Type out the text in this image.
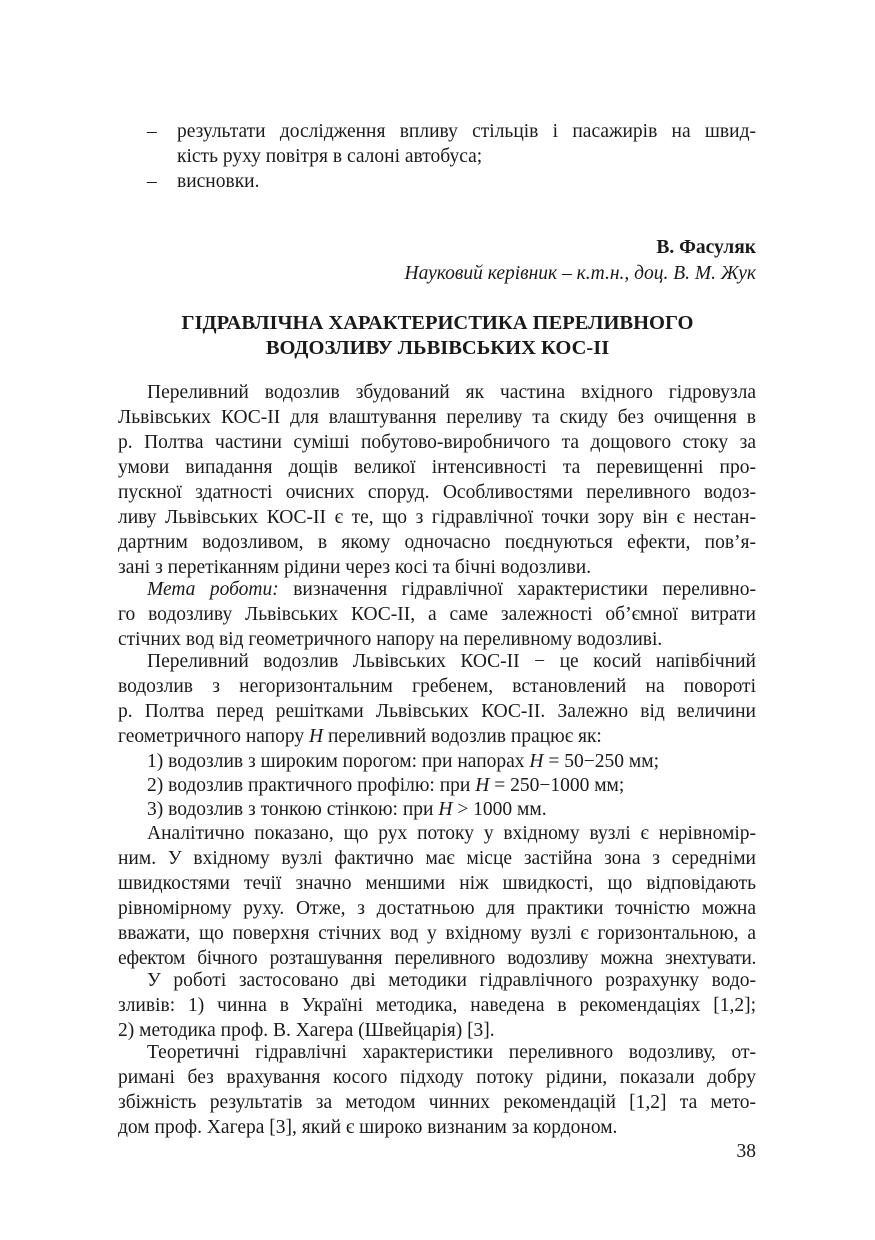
– результати дослідження впливу стільців і пасажирів на швид-
кість руху повітря в салоні автобуса;
– висновки.
В. Фасуляк
Науковий керівник – к.т.н., доц. В. М. Жук
ГІДРАВЛІЧНА ХАРАКТЕРИСТИКА ПЕРЕЛИВНОГО
ВОДОЗЛИВУ ЛЬВІВСЬКИХ КОС-ІІ
Переливний водозлив збудований як частина вхідного гідровузла
Львівських КОС-II для влаштування переливу та скиду без очищення в
р. Полтва частини суміші побутово-виробничого та дощового стоку за
умови випадання дощів великої інтенсивності та перевищенні про-
пускної здатності очисних споруд. Особливостями переливного водоз-
ливу Львівських КОС-ІІ є те, що з гідравлічної точки зору він є нестан-
дартним водозливом, в якому одночасно поєднуються ефекти, пов’я-
зані з перетіканням рідини через косі та бічні водозливи.
Мета роботи: визначення гідравлічної характеристики переливно-
го водозливу Львівських КОС-ІІ, а саме залежності об’ємної витрати
стічних вод від геометричного напору на переливному водозливі.
Переливний водозлив Львівських КОС-ІІ − це косий напівбічний
водозлив з негоризонтальним гребенем, встановлений на повороті
р. Полтва перед решітками Львівських КОС-ІІ. Залежно від величини
геометричного напору H переливний водозлив працює як:
1) водозлив з широким порогом: при напорах H = 50−250 мм;
2) водозлив практичного профілю: при H = 250−1000 мм;
3) водозлив з тонкою стінкою: при H > 1000 мм.
Аналітично показано, що рух потоку у вхідному вузлі є нерівномір-
ним. У вхідному вузлі фактично має місце застійна зона з середніми
швидкостями течії значно меншими ніж швидкості, що відповідають
рівномірному руху. Отже, з достатньою для практики точністю можна
вважати, що поверхня стічних вод у вхідному вузлі є горизонтальною, а
ефектом бічного розташування переливного водозливу можна знехтувати.
У роботі застосовано дві методики гідравлічного розрахунку водо-
зливів: 1) чинна в Україні методика, наведена в рекомендаціях [1,2];
2) методика проф. В. Хагера (Швейцарія) [3].
Теоретичні гідравлічні характеристики переливного водозливу, от-
римані без врахування косого підходу потоку рідини, показали добру
збіжність результатів за методом чинних рекомендацій [1,2] та мето-
дом проф. Хагера [3], який є широко визнаним за кордоном.
38
